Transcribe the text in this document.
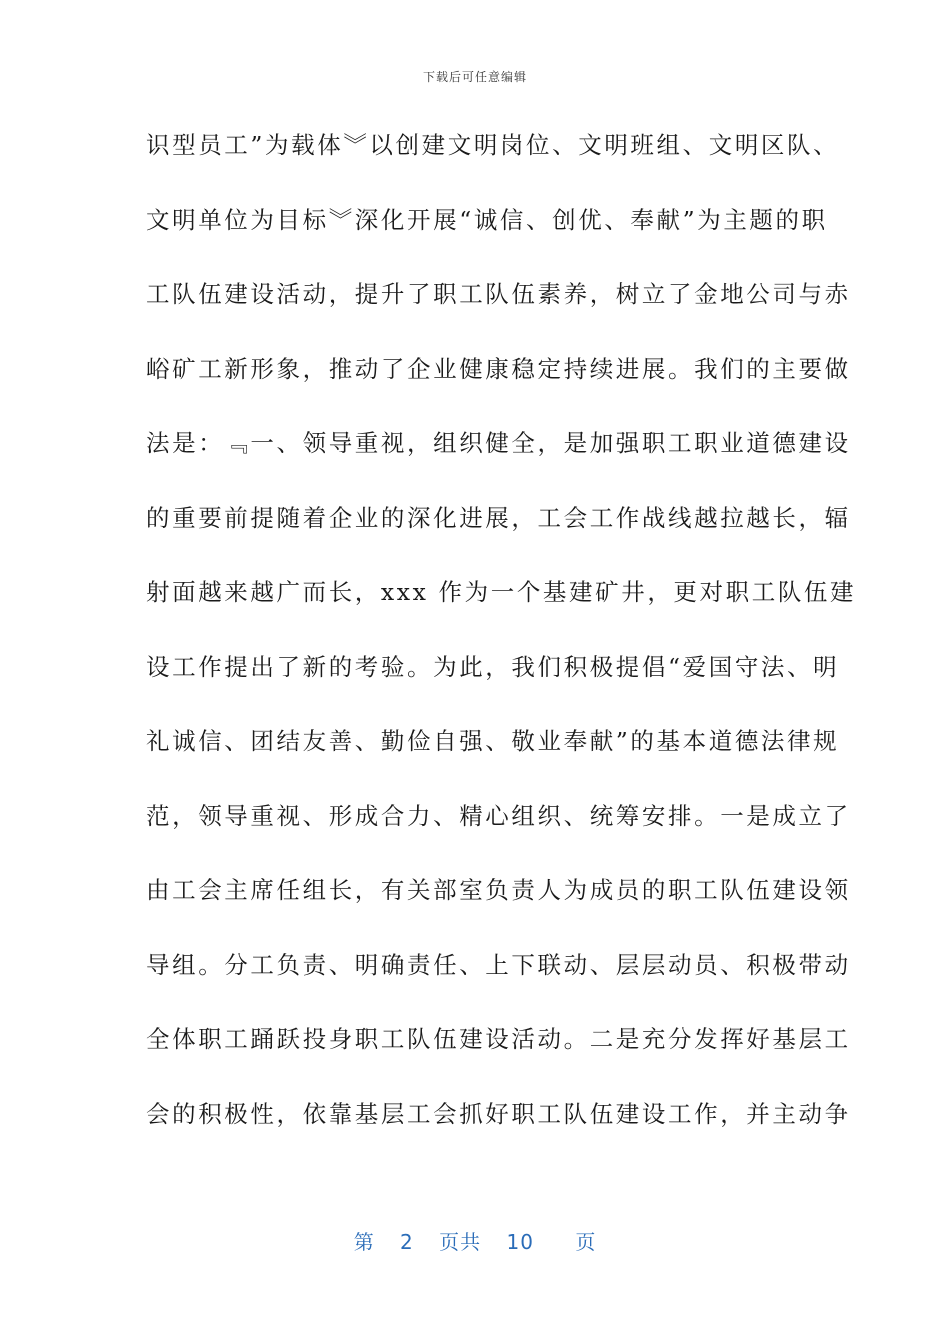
下载后可任意编辑
识型员工”为载体︾以创建文明岗位、文明班组、文明区队、
文明单位为目标︾深化开展“诚信、创优、奉献”为主题的职
工队伍建设活动，提升了职工队伍素养，树立了金地公司与赤
峪矿工新形象，推动了企业健康稳定持续进展。我们的主要做
法是：﹃一、领导重视，组织健全，是加强职工职业道德建设
的重要前提随着企业的深化进展，工会工作战线越拉越长，辐
射面越来越广而长，xxx 作为一个基建矿井，更对职工队伍建
设工作提出了新的考验。为此，我们积极提倡“爱国守法、明
礼诚信、团结友善、勤俭自强、敬业奉献”的基本道德法律规
范，领导重视、形成合力、精心组织、统筹安排。一是成立了
由工会主席任组长，有关部室负责人为成员的职工队伍建设领
导组。分工负责、明确责任、上下联动、层层动员、积极带动
全体职工踊跃投身职工队伍建设活动。二是充分发挥好基层工
会的积极性，依靠基层工会抓好职工队伍建设工作，并主动争
第 2 页共 10 页
